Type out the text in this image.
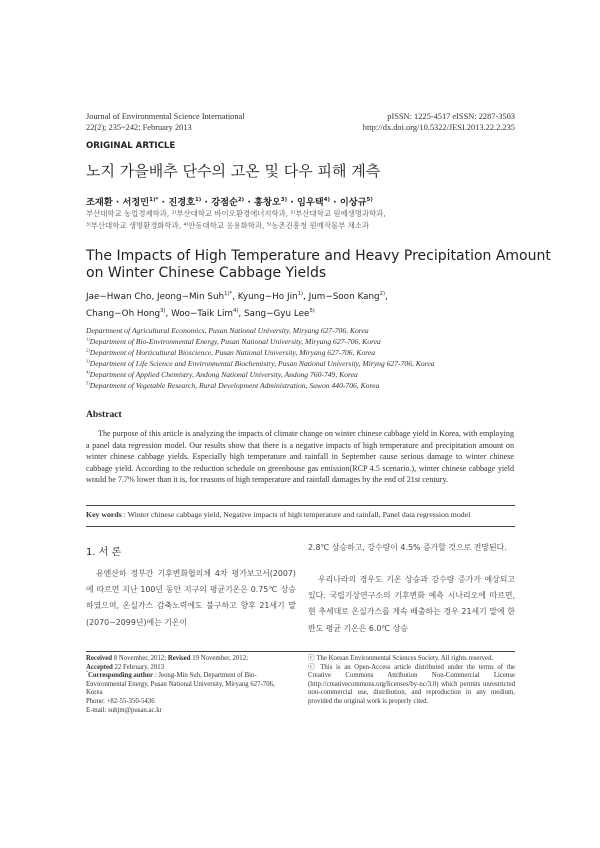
Journal of Environmental Science International
22(2); 235~242; February 2013
pISSN: 1225-4517 eISSN: 2287-3503
http://dx.doi.org/10.5322/JESI.2013.22.2.235
ORIGINAL ARTICLE
노지 가을배추 단수의 고온 및 다우 피해 계측
조재환 · 서정민$^{1)*}$ · 진경호$^{1)}$ · 강점순$^{2)}$ · 홍창오$^{3)}$ · 임우택$^{4)}$ · 이상규$^{5)}$
부산대학교 농업경제학과, ¹⁾부산대학교 바이오환경에너지학과, ²⁾부산대학교 원예생명과학과,
³⁾부산대학교 생명환경화학과, ⁴⁾안동대학교 응용화학과, ⁵⁾농촌진흥청 원예작물부 채소과
The Impacts of High Temperature and Heavy Precipitation Amount
on Winter Chinese Cabbage Yields
Jae−Hwan Cho, Jeong−Min Suh$^{1)*}$, Kyung−Ho Jin$^{1)}$, Jum−Soon Kang$^{2)}$,
Chang−Oh Hong$^{3)}$, Woo−Taik Lim$^{4)}$, Sang−Gyu Lee$^{5)}$
Department of Agricultural Economics, Pusan National University, Miryang 627-706, Korea
$^{1)}$Department of Bio-Environmental Energy, Pusan National University, Miryang 627-706, Korea
$^{2)}$Department of Horticultural Bioscience, Pusan National University, Miryang 627-706, Korea
$^{3)}$Department of Life Science and Environmental Biochemistry, Pusan National University, Miryng 627-706, Korea
$^{4)}$Department of Applied Chemistry, Andong National University, Andong 760-749, Korea
$^{5)}$Department of Vegetable Research, Rural Development Administration, Suwon 440-706, Korea
Abstract
The purpose of this article is analyzing the impacts of climate change on winter chinese cabbage yield in Korea, with employing a panel data regression model. Our results show that there is a negative impacts of high temperature and precipitation amount on winter chinese cabbage yields. Especially high temperature and rainfall in September cause serious damage to winter chinese cabbage yield. According to the reduction schedule on greenhouse gas emission(RCP 4.5 scenario.), winter chinese cabbage yield would be 7.7% lower than it is, for reasons of high temperature and rainfall damages by the end of 21st century.
Key words : Winter chinese cabbage yield, Negative impacts of high temperature and rainfall, Panel data regression model
1. 서 론
유엔산하 정부간 기후변화협의체 4차 평가보고서(2007)에 따르면 지난 100년 동안 지구의 평균기온은 0.75℃ 상승하였으며, 온실가스 감축노력에도 불구하고 향후 21세기 말(2070~2099년)에는 기온이
2.8℃ 상승하고, 강수량이 4.5% 증가할 것으로 전망된다.
우리나라의 경우도 기온 상승과 강수량 증가가 예상되고 있다. 국립기상연구소의 기후변화 예측 시나리오에 따르면, 현 추세대로 온실가스를 계속 배출하는 경우 21세기 말에 한반도 평균 기온은 6.0℃ 상승
Received 8 November, 2012; Revised 19 November, 2012;
Accepted 22 February, 2013
*Corresponding author : Jeong-Min Suh, Department of Bio-Environmental Energy, Pusan National University, Miryang 627-706, Korea
Phone: +82-55-350-5436
E-mail: suhjm@pusan.ac.kr
ⓒ The Korean Environmental Sciences Society. All rights reserved.
ⓒ This is an Open-Access article distributed under the terms of the Creative Commons Attribution Non-Commercial License (http://creativecommons.org/licenses/by-nc/3.0) which permits unrestricted non-commercial use, distribution, and reproduction in any medium, provided the original work is properly cited.
